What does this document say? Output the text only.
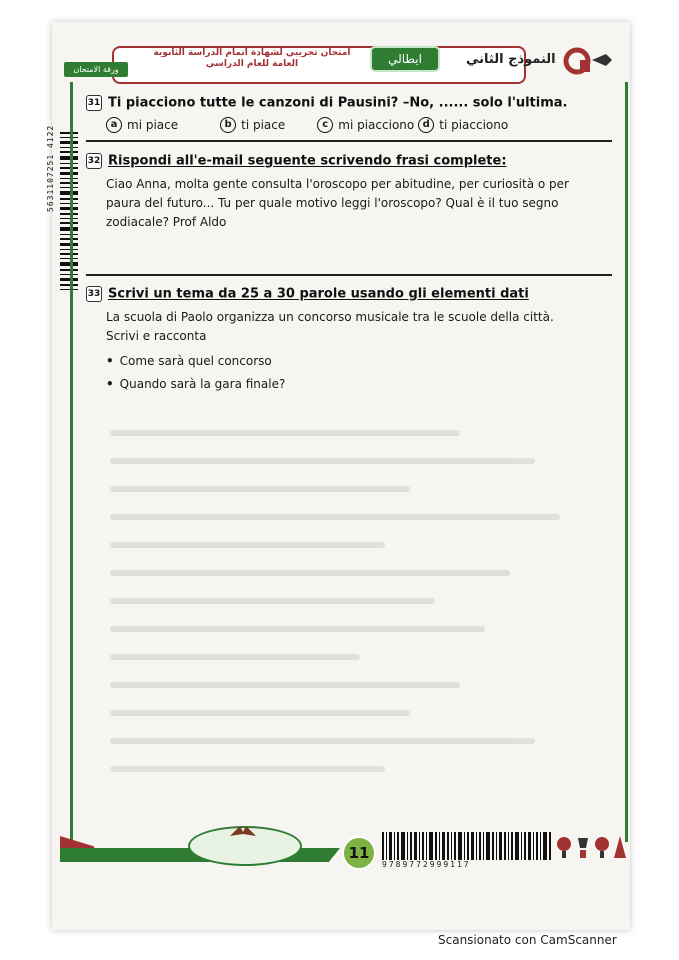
ورقة الامتحان
امتحان تجريبي لشهادة اتمام الدراسة الثانوية
العامة للعام الدراسي	ايطالي	النموذج الثاني
5631107251 4122
31 Ti piacciono tutte le canzoni di Pausini? –No, ...... solo l'ultima.
a mi piace	b ti piace	c mi piacciono d ti piacciono
32 Rispondi all'e-mail seguente scrivendo frasi complete:
Ciao Anna, molta gente consulta l'oroscopo per abitudine, per curiosità o per paura del futuro... Tu per quale motivo leggi l'oroscopo? Qual è il tuo segno zodiacale? Prof Aldo
33 Scrivi un tema da 25 a 30 parole usando gli elementi dati
La scuola di Paolo organizza un concorso musicale tra le scuole della città. Scrivi e racconta
• Come sarà quel concorso
• Quando sarà la gara finale?
11
9789772999117
Scansionato con CamScanner
